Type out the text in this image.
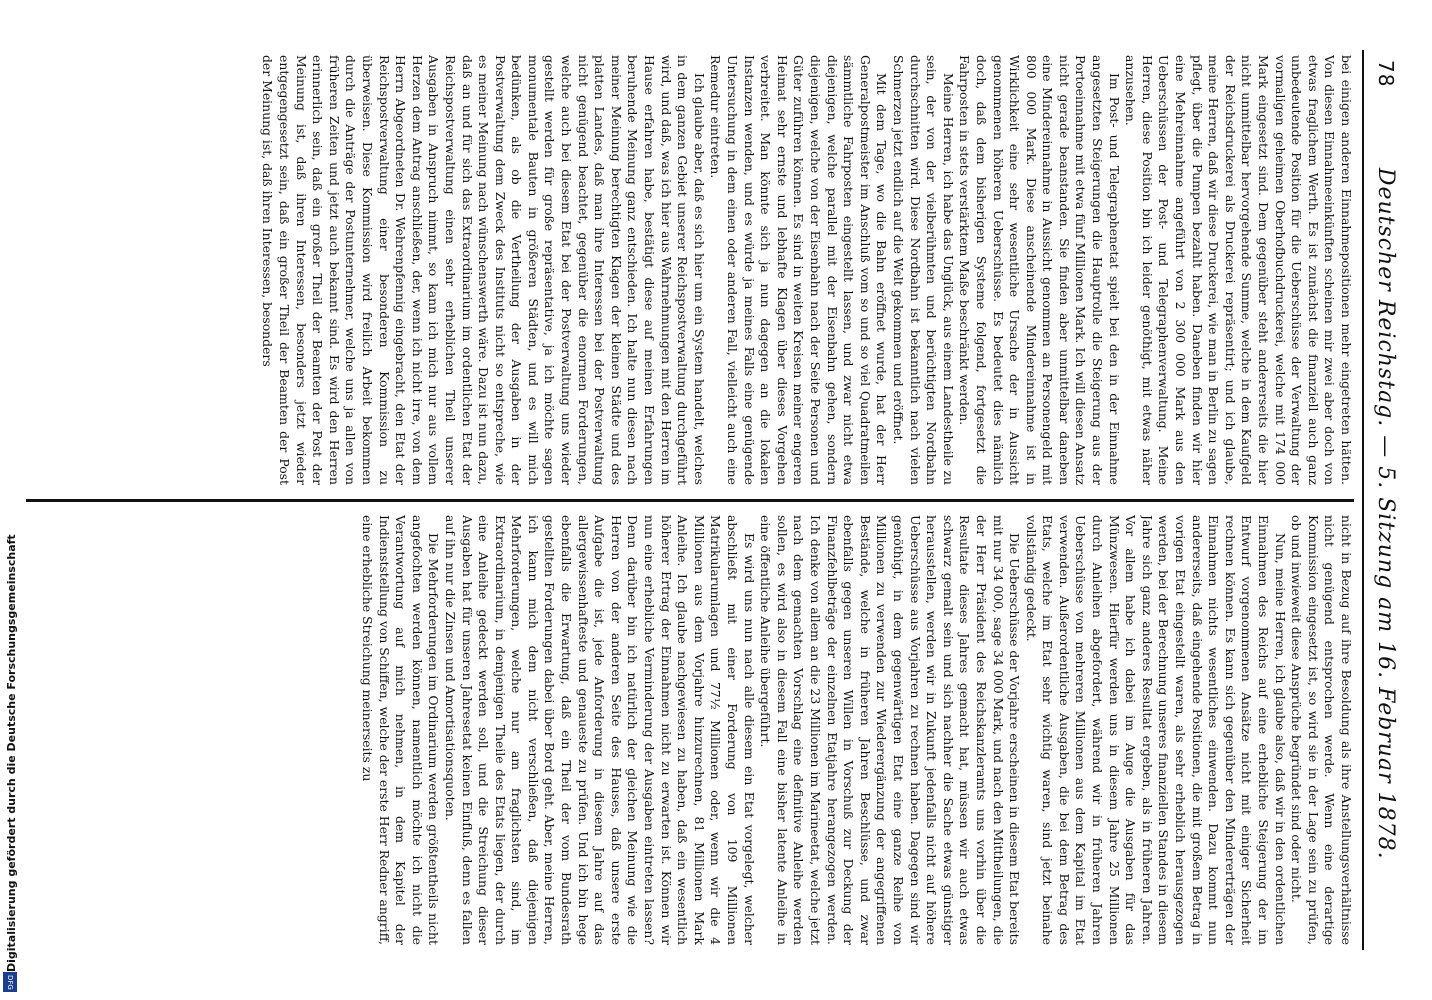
78
Deutscher Reichstag. — 5. Sitzung am 16. Februar 1878.

bei einigen anderen Einnahmepositionen mehr eingetreten hätten. Von diesen Einnahmeeinkünften scheinen mir zwei aber doch von etwas fraglichem Werth. Es ist zunächst die finanziell auch ganz unbedeutende Position für die Ueberschüsse der Verwaltung der vormaligen geheimen Oberhofbuchdruckerei, welche mit 174 000 Mark eingesetzt sind. Dem gegenüber steht andererseits die hier nicht unmittelbar hervorgehende Summe, welche in dem Kaufgeld der Reichsdruckerei als Druckerei repräsentirt; und ich glaube, meine Herren, daß wir diese Druckerei, wie man in Berlin zu sagen pflegt, über die Pumpen bezahlt haben. Daneben finden wir hier eine Mehreinnahme angeführt von 2 300 000 Mark aus den Ueberschüssen der Post- und Telegraphenverwaltung. Meine Herren, diese Position bin ich leider genöthigt, mit etwas näher anzusehen.

Im Post- und Telegraphenetat spielt bei den in der Einnahme angesetzten Steigerungen die Hauptrolle die Steigerung aus der Portoeinnahme mit etwa fünf Millionen Mark. Ich will diesen Ansatz nicht gerade beanstanden. Sie finden aber unmittelbar daneben eine Mindereinnahme in Aussicht genommen an Personengeld mit 800 000 Mark. Diese anscheinende Mindereinnahme ist in Wirklichkeit eine sehr wesentliche Ursache der in Aussicht genommenen höheren Ueberschüsse. Es bedeutet dies nämlich doch, daß dem bisherigen Systeme folgend, fortgesetzt die Fahrposten in stets verstärktem Maße beschränkt werden.

Meine Herren, ich habe das Unglück, aus einem Landestheile zu sein, der von der vielberühmten und berüchtigten Nordbahn durchschnitten wird. Diese Nordbahn ist bekanntlich nach vielen Schmerzen jetzt endlich auf die Welt gekommen und eröffnet.

Mit dem Tage, wo die Bahn eröffnet wurde, hat der Herr Generalpostmeister im Anschluß vom so und so viel Quadratmeilen sämmtliche Fahrposten eingestellt lassen, und zwar nicht etwa diejenigen, welche parallel mit der Eisenbahn gehen, sondern diejenigen, welche von der Eisenbahn nach der Seite Personen und Güter zuführen können. Es sind in weiten Kreisen meiner engeren Heimat sehr ernste und lebhafte Klagen über dieses Vorgehen verbreitet. Man könnte sich ja nun dagegen an die lokalen Instanzen wenden, und es würde ja meines Falls eine genügende Untersuchung in dem einen oder anderen Fall, vielleicht auch eine Remedur eintreten.

Ich glaube aber, daß es sich hier um ein System handelt, welches in dem ganzen Gebiet unserer Reichspostverwaltung durchgeführt wird, und daß, was ich hier aus Wahrnehmungen mit den Herren im Hause erfahren habe, bestätigt diese auf meinen Erfahrungen beruhende Meinung ganz entschieden. Ich halte nun diesen nach meiner Meinung berechtigten Klagen der kleinen Städte und des platten Landes, daß man ihre Interessen bei der Postverwaltung nicht genügend beachtet, gegenüber die enormen Forderungen, welche auch bei diesem Etat bei der Postverwaltung uns wieder gestellt werden für große repräsentative, ja ich möchte sagen monumentale Bauten in größeren Städten, und es will mich bedünken, als ob die Vertheilung der Ausgaben in der Postverwaltung dem Zweck des Instituts nicht so entspreche, wie es meiner Meinung nach wünschenswerth wäre. Dazu ist nun dazu, daß an und für sich das Extraordinarium im ordentlichen Etat der Reichspostverwaltung einen sehr erheblichen Theil unserer Ausgaben in Anspruch nimmt, so kann ich mich nur aus vollem Herzen dem Antrag anschließen, der, wenn ich nicht irre, von dem Herrn Abgeordneten Dr. Wehrenpfennig eingebracht, den Etat der Reichspostverwaltung einer besonderen Kommission zu überweisen. Diese Kommission wird freilich Arbeit bekommen durch die Anträge der Postunternehmer, welche uns ja allen von früheren Zeiten und jetzt auch bekannt sind. Es wird den Herren erinnerlich sein, daß ein großer Theil der Beamten der Post der Meinung ist, daß ihren Interessen, besonders jetzt wieder entgegengesetzt sein, daß ein großer Theil der Beamten der Post der Meinung ist, daß ihren Interessen, besonders

nicht in Bezug auf ihre Besoldung als ihre Anstellungsverhältnisse nicht genügend entsprochen werde. Wenn eine derartige Kommission eingesetzt ist, so wird sie in der Lage sein zu prüfen, ob und inwieweit diese Ansprüche begründet sind oder nicht.

Nun, meine Herren, ich glaube also, daß wir in den ordentlichen Einnahmen des Reichs auf eine erhebliche Steigerung der im Entwurf vorgenommenen Ansätze nicht mit einiger Sicherheit rechnen können. Es kann sich gegenüber den Mindererträgen der Einnahmen nichts wesentliches einwenden. Dazu kommt nun andererseits, daß eingehende Positionen, die mit großem Betrag in vorigen Etat eingestellt waren, als sehr erheblich herausgezogen werden, bei der Berechnung unseres finanziellen Standes in diesem Jahre sich ganz anderes Resultat ergeben, als in früheren Jahren. Vor allem habe ich dabei im Auge die Ausgaben für das Münzwesen. Hierfür werden uns in diesem Jahre 25 Millionen durch Anleihen abgefordert, während wir in früheren Jahren Ueberschüsse von mehreren Millionen aus dem Kapital im Etat verwenden. Außerordentliche Ausgaben, die bei dem Betrag des Etats, welche im Etat sehr wichtig waren, sind jetzt beinahe vollständig gedeckt.

Die Ueberschüsse der Vorjahre erscheinen in diesem Etat bereits mit nur 34 000, sage 34 000 Mark, und nach den Mittheilungen, die der Herr Präsident des Reichskanzleramts uns vorhin über die Resultate dieses Jahres gemacht hat, müssen wir auch etwas schwarz gemalt sein und sich nachher die Sache etwas günstiger herausstellen, werden wir in Zukunft jedenfalls nicht auf höhere Ueberschüsse aus Vorjahren zu rechnen haben. Dagegen sind wir genöthigt, in dem gegenwärtigen Etat eine ganze Reihe von Millionen zu verwenden zur Wiederergänzung der angegriffenen Bestände, welche in früheren Jahren Beschlüsse, und zwar ebenfalls gegen unseren Willen in Vorschuß zur Deckung der Finanzfehlbeträge der einzelnen Etatjahre herangezogen werden. Ich denke von allem an die 23 Millionen im Marineetat, welche jetzt nach dem gemachten Vorschlag eine definitive Anleihe werden sollen, es wird also in diesem Fall eine bisher latente Anleihe in eine öffentliche Anleihe übergeführt.

Es wird uns nun nach alle diesem ein Etat vorgelegt, welcher abschließt mit einer Forderung von 109 Millionen Matrikularumlagen und 77½ Millionen oder, wenn wir die 4 Millionen aus dem Vorjahre hinzurechnen, 81 Millionen Mark Anleihe. Ich glaube nachgewiesen zu haben, daß ein wesentlich höherer Ertrag der Einnahmen nicht zu erwarten ist. Können wir nun eine erhebliche Verminderung der Ausgaben eintreten lassen? Denn darüber bin ich natürlich der gleichen Meinung wie die Herren von der anderen Seite des Hauses, daß unsere erste Aufgabe die ist, jede Anforderung in diesem Jahre auf das allergewissenhafteste und genaueste zu prüfen. Und ich bin hege ebenfalls die Erwartung, daß ein Theil der vom Bundesrath gestellten Forderungen dabei über Bord geht. Aber, meine Herren, ich kann mich dem nicht verschließen, daß diejenigen Mehrforderungen, welche nur am fraglichsten sind, im Extraordinarium, in demjenigen Theile des Etats liegen, der durch eine Anleihe gedeckt werden soll, und die Streichung dieser Ausgaben hat für unseren Jahresetat keinen Einfluß, denn es fallen auf ihn nur die Zinsen und Amortisationsquoten.

Die Mehrforderungen im Ordinarium werden größtentheils nicht angefochten werden können, namentlich möchte ich nicht die Verantwortung auf mich nehmen, in dem Kapitel der Indienststellung von Schiffen, welche der erste Herr Redner angriff, eine erhebliche Streichung meinerseits zu

Digitalisierung gefördert durch die Deutsche Forschungsgemeinschaft
DFG
